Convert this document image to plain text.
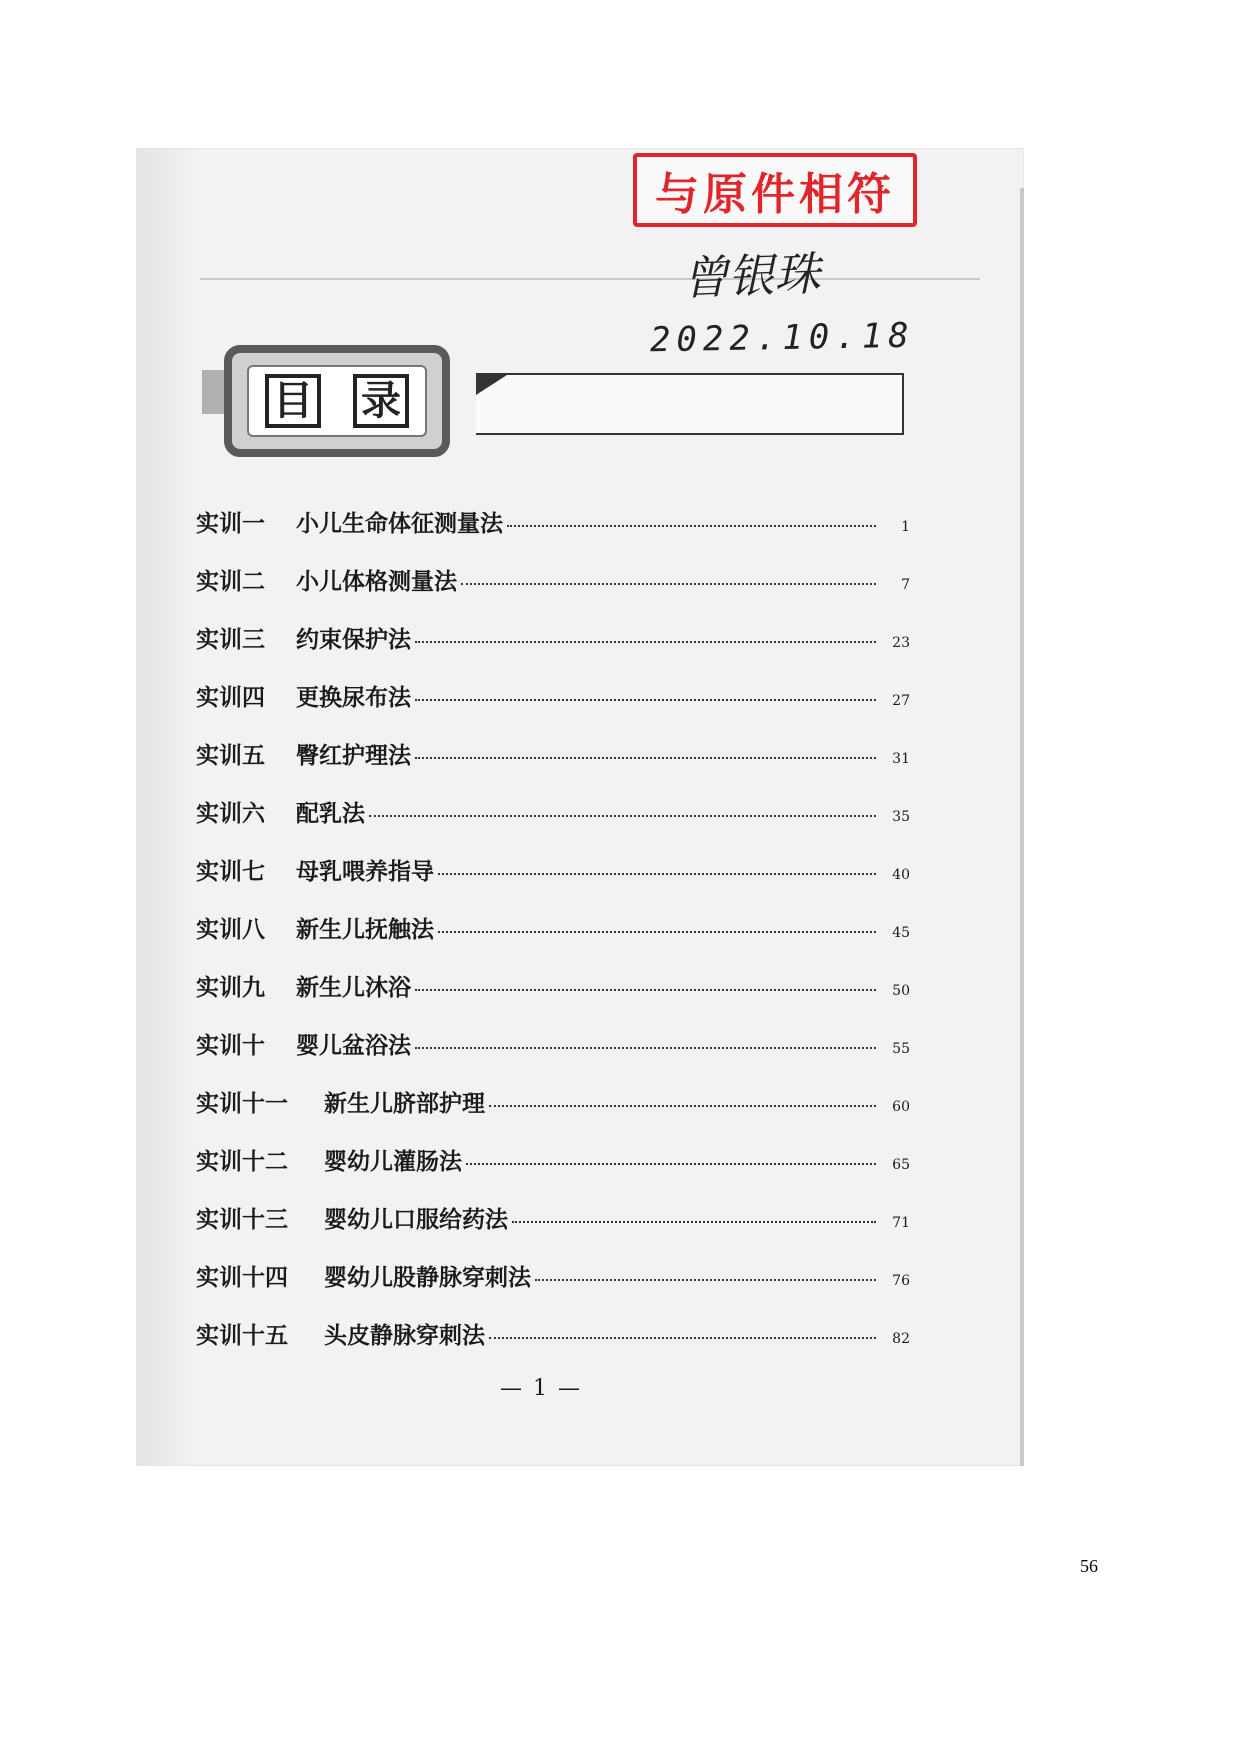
与原件相符
曾银珠
2022.10.18
目 录
实训一	小儿生命体征测量法	1
实训二	小儿体格测量法	7
实训三	约束保护法	23
实训四	更换尿布法	27
实训五	臀红护理法	31
实训六	配乳法	35
实训七	母乳喂养指导	40
实训八	新生儿抚触法	45
实训九	新生儿沐浴	50
实训十	婴儿盆浴法	55
实训十一	新生儿脐部护理	60
实训十二	婴幼儿灌肠法	65
实训十三	婴幼儿口服给药法	71
实训十四	婴幼儿股静脉穿刺法	76
实训十五	头皮静脉穿刺法	82
— 1 —
56
